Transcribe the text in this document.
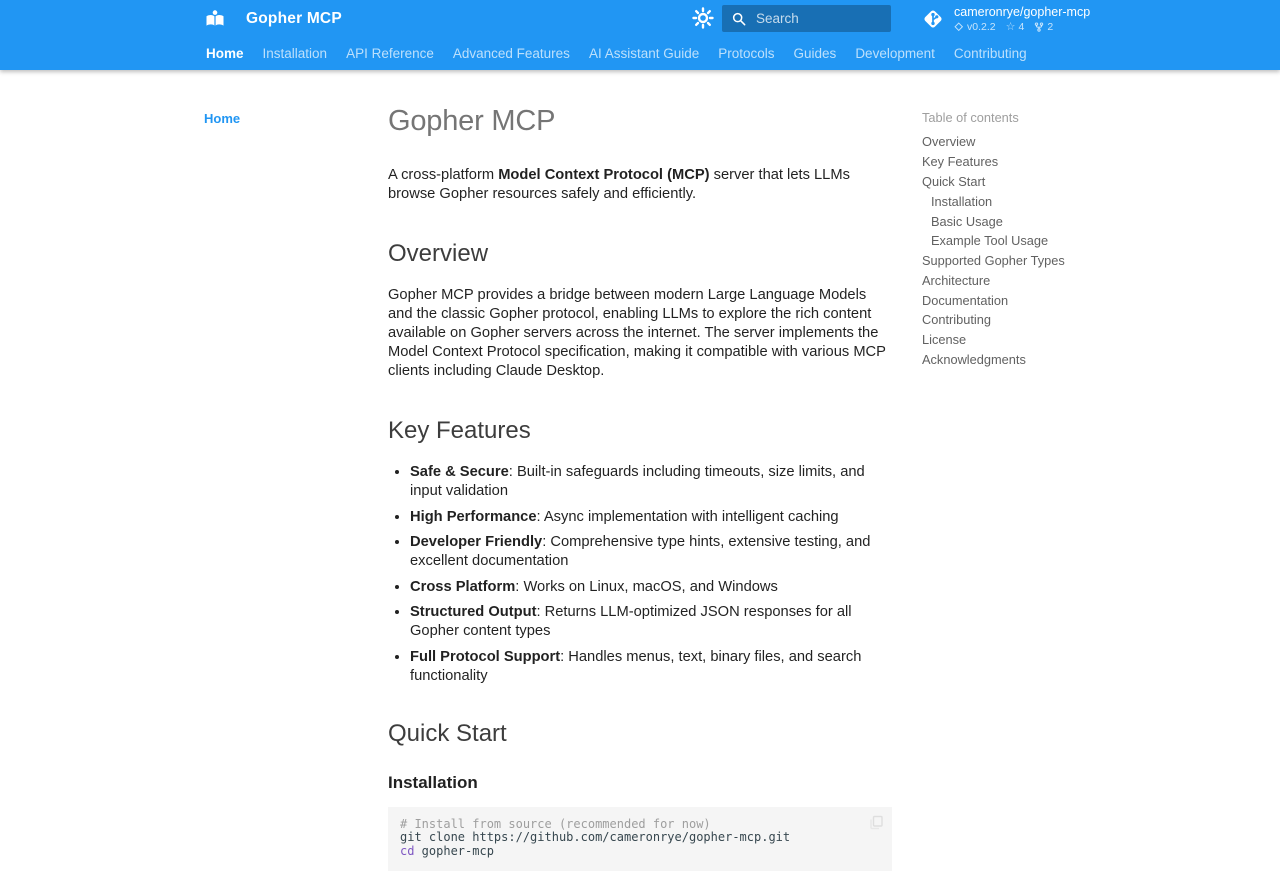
Gopher MCP
Search	cameronrye/gopher-mcp
v0.2.2 ☆ 4 2
Home Installation API Reference Advanced Features AI Assistant Guide Protocols Guides Development Contributing
Home	Gopher MCP

A cross-platform Model Context Protocol (MCP) server that lets LLMs browse Gopher resources safely and efficiently.

Overview

Gopher MCP provides a bridge between modern Large Language Models and the classic Gopher protocol, enabling LLMs to explore the rich content available on Gopher servers across the internet. The server implements the Model Context Protocol specification, making it compatible with various MCP clients including Claude Desktop.

Key Features
• Safe & Secure: Built-in safeguards including timeouts, size limits, and input validation
• High Performance: Async implementation with intelligent caching
• Developer Friendly: Comprehensive type hints, extensive testing, and excellent documentation
• Cross Platform: Works on Linux, macOS, and Windows
• Structured Output: Returns LLM-optimized JSON responses for all Gopher content types
• Full Protocol Support: Handles menus, text, binary files, and search functionality
Quick Start
Installation
# Install from source (recommended for now)
git clone https://github.com/cameronrye/gopher-mcp.git
cd gopher-mcp

Table of contents

Overview
Key Features
Quick Start
Installation
Basic Usage
Example Tool Usage
Supported Gopher Types
Architecture
Documentation
Contributing
License
Acknowledgments
